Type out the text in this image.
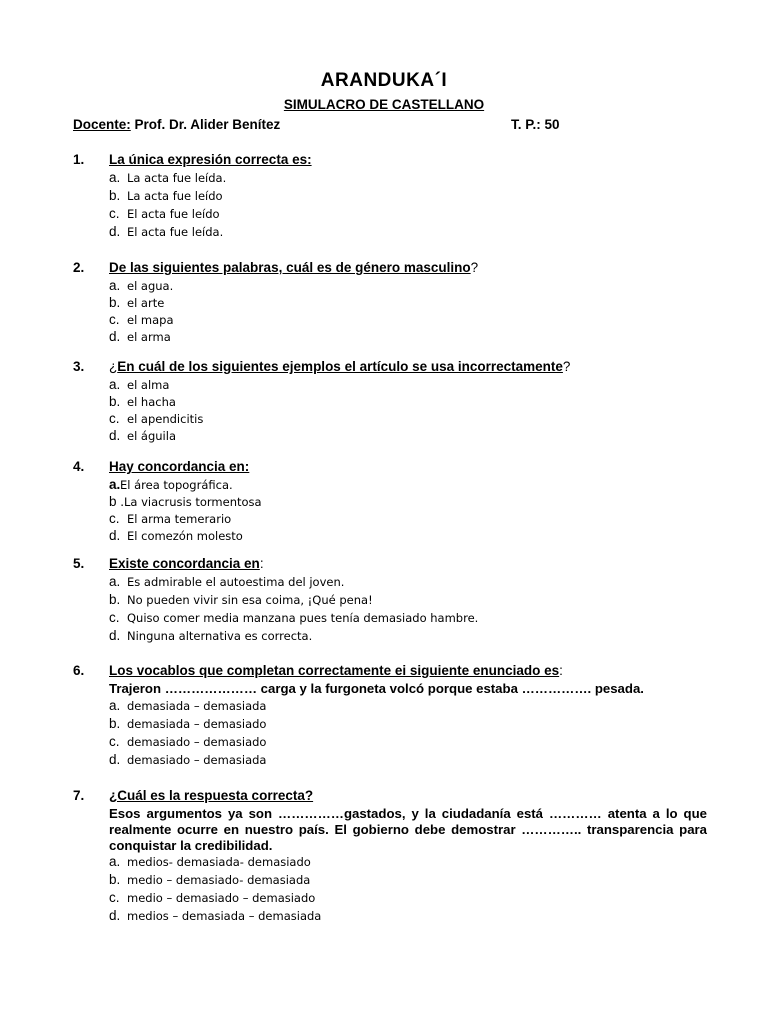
ARANDUKA´I
SIMULACRO DE CASTELLANO
Docente: Prof. Dr. Alider Benítez	T. P.: 50
1. La única expresión correcta es:
a. La acta fue leída.
b. La acta fue leído
c. El acta fue leído
d. El acta fue leída.
2. De las siguientes palabras, cuál es de género masculino?
a. el agua.
b. el arte
c. el mapa
d. el arma
3. ¿En cuál de los siguientes ejemplos el artículo se usa incorrectamente?
a. el alma
b. el hacha
c. el apendicitis
d. el águila
4. Hay concordancia en:
a.El área topográfica.
b .La viacrusis tormentosa
c. El arma temerario
d. El comezón molesto
5. Existe concordancia en:
a. Es admirable el autoestima del joven.
b. No pueden vivir sin esa coima, ¡Qué pena!
c. Quiso comer media manzana pues tenía demasiado hambre.
d. Ninguna alternativa es correcta.
6. Los vocablos que completan correctamente ei siguiente enunciado es:
Trajeron ………………… carga y la furgoneta volcó porque estaba ……………. pesada.
a. demasiada – demasiada
b. demasiada – demasiado
c. demasiado – demasiado
d. demasiado – demasiada
7. ¿Cuál es la respuesta correcta?
Esos argumentos ya son ……………gastados, y la ciudadanía está ………… atenta a lo que realmente ocurre en nuestro país. El gobierno debe demostrar ………….. transparencia para conquistar la credibilidad.
a. medios- demasiada- demasiado
b. medio – demasiado- demasiada
c. medio – demasiado – demasiado
d. medios – demasiada – demasiada
